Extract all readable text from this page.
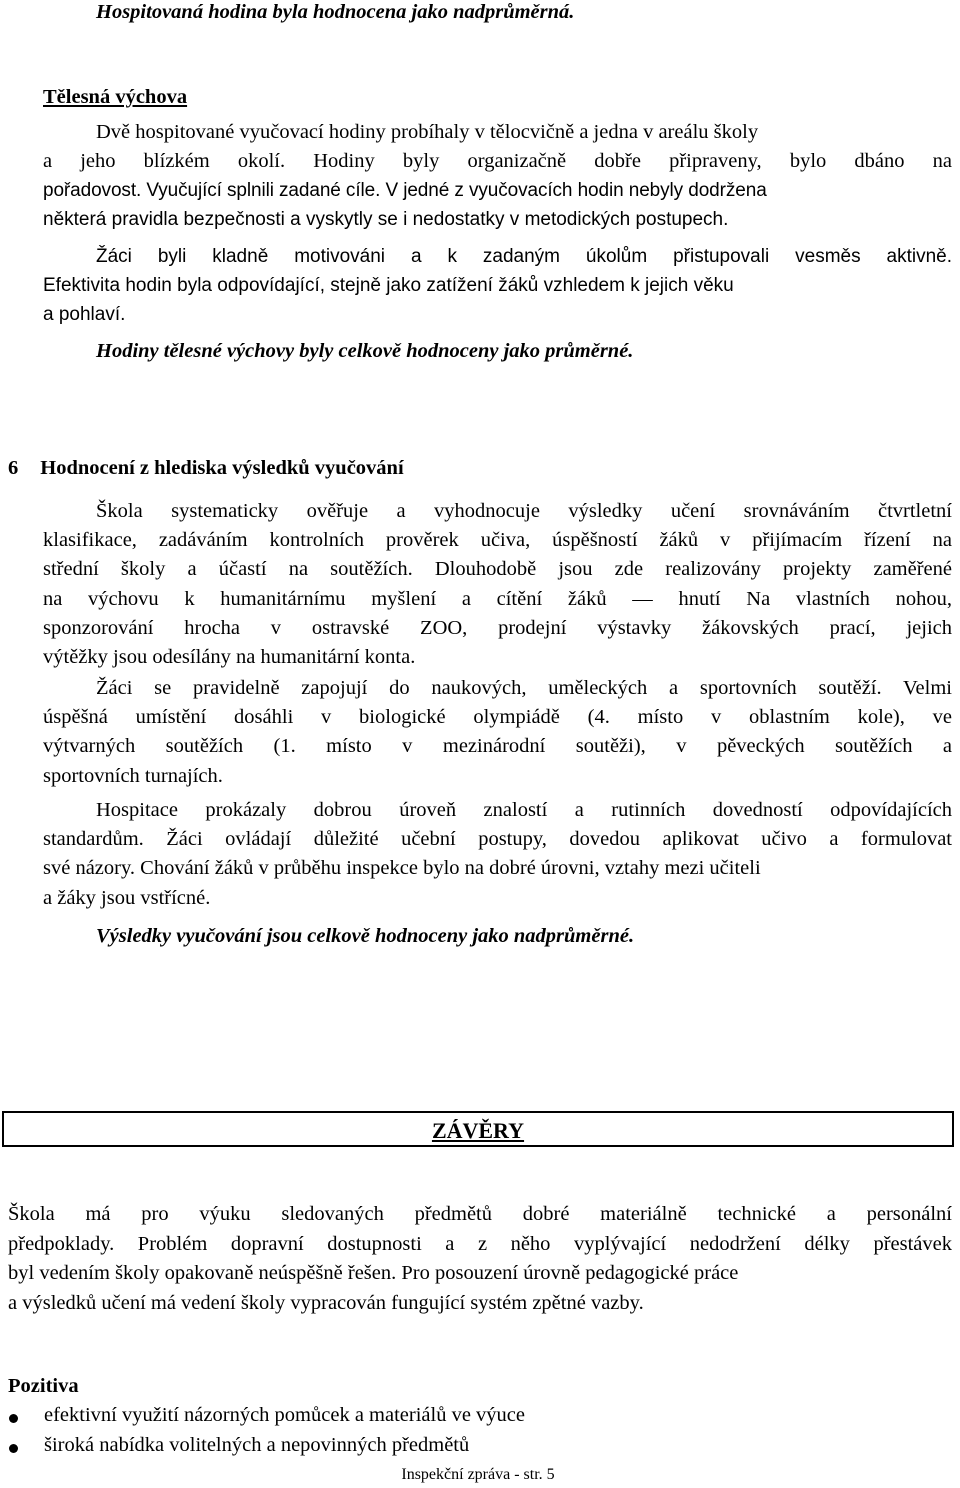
Hospitovaná hodina byla hodnocena jako nadprůměrná.
Tělesná výchova
Dvě hospitované vyučovací hodiny probíhaly v tělocvičně a jedna v areálu školy
a jeho blízkém okolí. Hodiny byly organizačně dobře připraveny, bylo dbáno na
pořadovost. Vyučující splnili zadané cíle. V jedné z vyučovacích hodin nebyly dodržena
některá pravidla bezpečnosti a vyskytly se i nedostatky v metodických postupech.
Žáci byli kladně motivováni a k zadaným úkolům přistupovali vesměs aktivně.
Efektivita hodin byla odpovídající, stejně jako zatížení žáků vzhledem k jejich věku
a pohlaví.
Hodiny tělesné výchovy byly celkově hodnoceny jako průměrné.
6 Hodnocení z hlediska výsledků vyučování
Škola systematicky ověřuje a vyhodnocuje výsledky učení srovnáváním čtvrtletní
klasifikace, zadáváním kontrolních prověrek učiva, úspěšností žáků v přijímacím řízení na
střední školy a účastí na soutěžích. Dlouhodobě jsou zde realizovány projekty zaměřené
na výchovu k humanitárnímu myšlení a cítění žáků — hnutí Na vlastních nohou,
sponzorování hrocha v ostravské ZOO, prodejní výstavky žákovských prací, jejich
výtěžky jsou odesílány na humanitární konta.
Žáci se pravidelně zapojují do naukových, uměleckých a sportovních soutěží. Velmi
úspěšná umístění dosáhli v biologické olympiádě (4. místo v oblastním kole), ve
výtvarných soutěžích (1. místo v mezinárodní soutěži), v pěveckých soutěžích a
sportovních turnajích.
Hospitace prokázaly dobrou úroveň znalostí a rutinních dovedností odpovídajících
standardům. Žáci ovládají důležité učební postupy, dovedou aplikovat učivo a formulovat
své názory. Chování žáků v průběhu inspekce bylo na dobré úrovni, vztahy mezi učiteli
a žáky jsou vstřícné.
Výsledky vyučování jsou celkově hodnoceny jako nadprůměrné.
ZÁVĚRY
Škola má pro výuku sledovaných předmětů dobré materiálně technické a personální
předpoklady. Problém dopravní dostupnosti a z něho vyplývající nedodržení délky přestávek
byl vedením školy opakovaně neúspěšně řešen. Pro posouzení úrovně pedagogické práce
a výsledků učení má vedení školy vypracován fungující systém zpětné vazby.
Pozitiva
efektivní využití názorných pomůcek a materiálů ve výuce
široká nabídka volitelných a nepovinných předmětů
Inspekční zpráva - str. 5
